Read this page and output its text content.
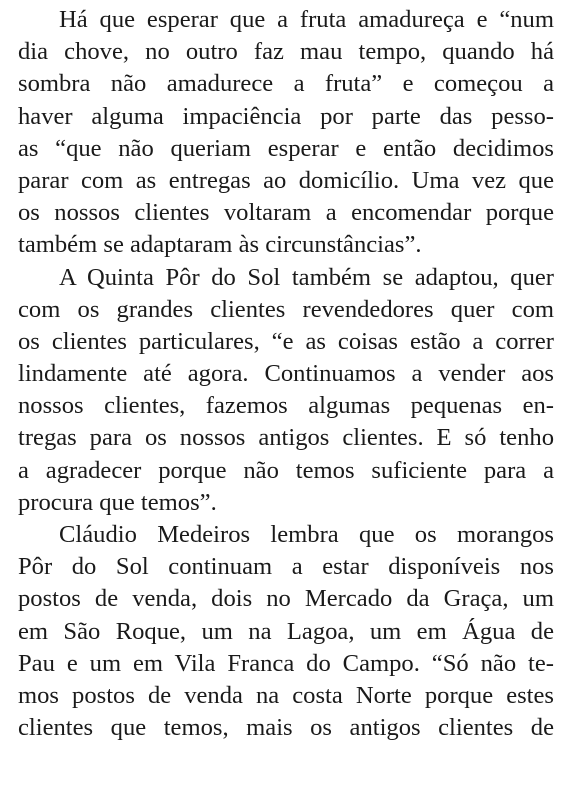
Há que esperar que a fruta amadureça e “num
dia chove, no outro faz mau tempo, quando há
sombra não amadurece a fruta” e começou a
haver alguma impaciência por parte das pesso-
as “que não queriam esperar e então decidimos
parar com as entregas ao domicílio. Uma vez que
os nossos clientes voltaram a encomendar porque
também se adaptaram às circunstâncias”.
A Quinta Pôr do Sol também se adaptou, quer
com os grandes clientes revendedores quer com
os clientes particulares, “e as coisas estão a correr
lindamente até agora. Continuamos a vender aos
nossos clientes, fazemos algumas pequenas en-
tregas para os nossos antigos clientes. E só tenho
a agradecer porque não temos suficiente para a
procura que temos”.
Cláudio Medeiros lembra que os morangos
Pôr do Sol continuam a estar disponíveis nos
postos de venda, dois no Mercado da Graça, um
em São Roque, um na Lagoa, um em Água de
Pau e um em Vila Franca do Campo. “Só não te-
mos postos de venda na costa Norte porque estes
clientes que temos, mais os antigos clientes de
